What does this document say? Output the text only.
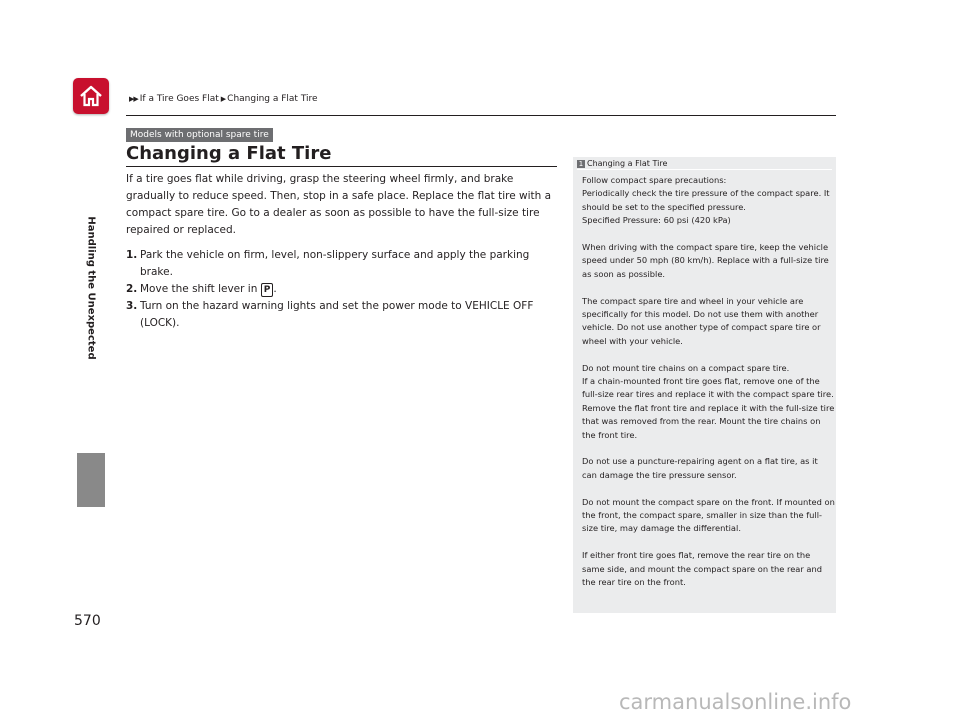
▶▶ If a Tire Goes Flat ▶ Changing a Flat Tire
Handling the Unexpected
Models with optional spare tire
Changing a Flat Tire

If a tire goes flat while driving, grasp the steering wheel firmly, and brake gradually to reduce speed. Then, stop in a safe place. Replace the flat tire with a compact spare tire. Go to a dealer as soon as possible to have the full-size tire repaired or replaced.

1. Park the vehicle on firm, level, non-slippery surface and apply the parking brake.
2. Move the shift lever in P .
3. Turn on the hazard warning lights and set the power mode to VEHICLE OFF (LOCK).
1 Changing a Flat Tire

Follow compact spare precautions:
Periodically check the tire pressure of the compact spare. It should be set to the specified pressure.
Specified Pressure: 60 psi (420 kPa)

When driving with the compact spare tire, keep the vehicle speed under 50 mph (80 km/h). Replace with a full-size tire as soon as possible.

The compact spare tire and wheel in your vehicle are specifically for this model. Do not use them with another vehicle. Do not use another type of compact spare tire or wheel with your vehicle.

Do not mount tire chains on a compact spare tire.
If a chain-mounted front tire goes flat, remove one of the full-size rear tires and replace it with the compact spare tire. Remove the flat front tire and replace it with the full-size tire that was removed from the rear. Mount the tire chains on the front tire.

Do not use a puncture-repairing agent on a flat tire, as it can damage the tire pressure sensor.

Do not mount the compact spare on the front. If mounted on the front, the compact spare, smaller in size than the full-size tire, may damage the differential.

If either front tire goes flat, remove the rear tire on the same side, and mount the compact spare on the rear and the rear tire on the front.

570
carmanualsonline.info
